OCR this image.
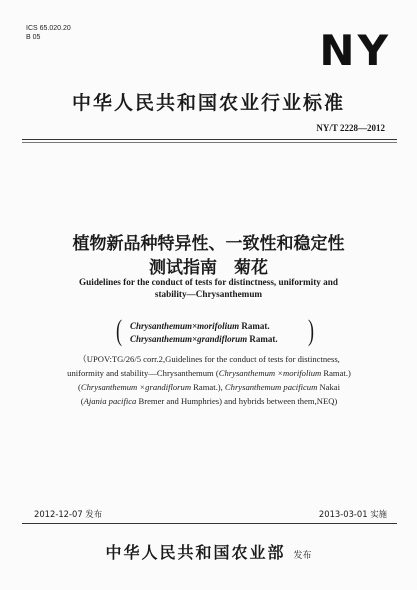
ICS 65.020.20
B 05	NY
中华人民共和国农业行业标准
NY/T 2228—2012
植物新品种特异性、一致性和稳定性
测试指南　菊花
Guidelines for the conduct of tests for distinctness, uniformity and
stability—Chrysanthemum
( Chrysanthemum×morifolium Ramat.
Chrysanthemum×grandiflorum Ramat. )
（UPOV:TG/26/5 corr.2,Guidelines for the conduct of tests for distinctness,
uniformity and stability—Chrysanthemum (Chrysanthemum ×morifolium Ramat.)
(Chrysanthemum ×grandiflorum Ramat.), Chrysanthemum pacificum Nakai
(Ajania pacifica Bremer and Humphries) and hybrids between them,NEQ)
2012-12-07 发布	2013-03-01 实施
中华人民共和国农业部 发布
